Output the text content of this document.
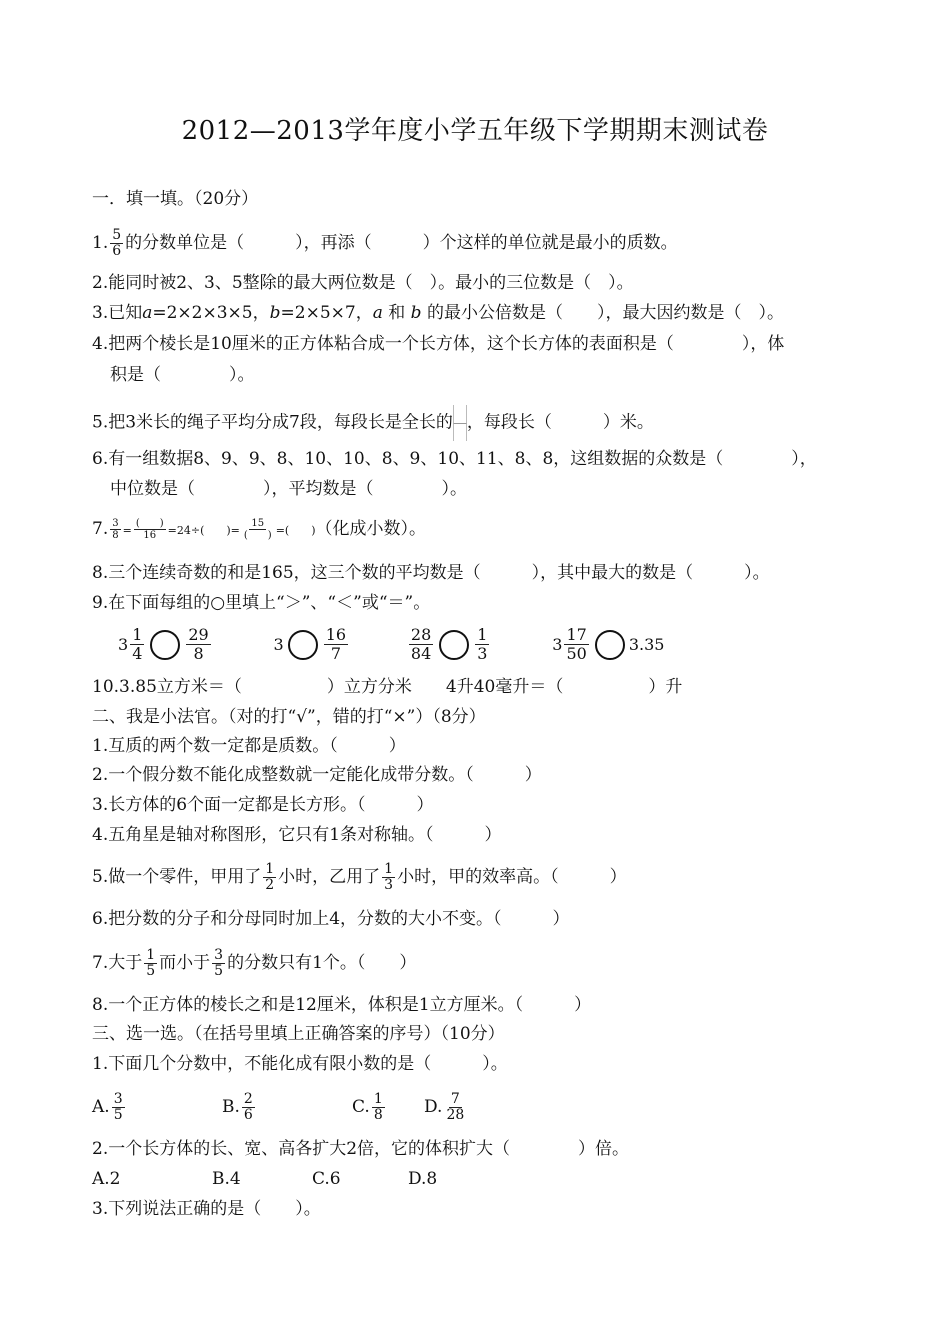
2012—2013学年度小学五年级下学期期末测试卷
一．填一填。（20分）
1. $\frac{5}{6}$ 的分数单位是（　　　），再添（　　　）个这样的单位就是最小的质数。
2.能同时被2、3、5整除的最大两位数是（　）。最小的三位数是（　）。
3.已知a=2×2×3×5，b=2×5×7，a 和 b 的最小公倍数是（　　），最大因约数是（　）。
4.把两个棱长是10厘米的正方体粘合成一个长方体，这个长方体的表面积是（　　　　），体
积是（　　　　）。
5.把3米长的绳子平均分成7段，每段长是全长的 ，每段长（　　　）米。
6.有一组数据8、9、9、8、10、10、8、9、10、11、8、8，这组数据的众数是（　　　　），
中位数是（　　　　），平均数是（　　　　）。
7. $\frac{3}{8} = \frac{( )}{16} =24\div$(　　)= $\frac{15}{( )}$ =(　　)（化成小数）。
8.三个连续奇数的和是165，这三个数的平均数是（　　　），其中最大的数是（　　　）。
9.在下面每组的○里填上“＞”、“＜”或“＝”。
$3 \frac{1}{4}$	$\frac{29}{8}$
	3	$\frac{16}{7}$
	$\frac{28}{84}$	$\frac{1}{3}$
	$3 \frac{17}{50}$	3.35
10.3.85立方米＝（　　　　　）立方分米　　4升40毫升＝（　　　　　）升
二、我是小法官。（对的打“√”，错的打“×”）（8分）
1.互质的两个数一定都是质数。（　　　）
2.一个假分数不能化成整数就一定能化成带分数。（　　　）
3.长方体的6个面一定都是长方形。（　　　）
4.五角星是轴对称图形，它只有1条对称轴。（　　　）
5.做一个零件，甲用了 $\frac{1}{2}$ 小时，乙用了 $\frac{1}{3}$ 小时，甲的效率高。（　　　）
6.把分数的分子和分母同时加上4，分数的大小不变。（　　　）
7.大于 $\frac{1}{5}$ 而小于 $\frac{3}{5}$ 的分数只有1个。（　　）
8.一个正方体的棱长之和是12厘米，体积是1立方厘米。（　　　）
三、选一选。（在括号里填上正确答案的序号）（10分）
1.下面几个分数中，不能化成有限小数的是（　　　）。
A. $\frac{3}{5}$	B. $\frac{2}{6}$	C. $\frac{1}{8} D$. $\frac{7}{28}$
2.一个长方体的长、宽、高各扩大2倍，它的体积扩大（　　　　）倍。
A.2	B.4	C.6	D.8
3.下列说法正确的是（　　）。
